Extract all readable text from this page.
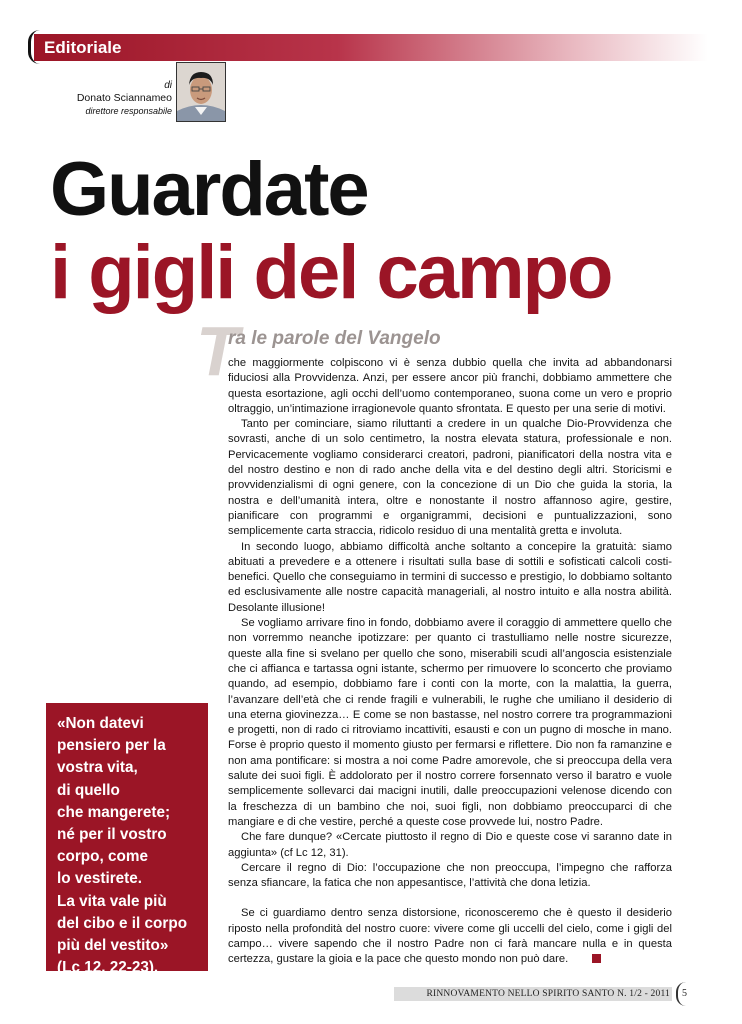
Editoriale
di
Donato Sciannameo
direttore responsabile
Guardate
i gigli del campo
T
ra le parole del Vangelo

che maggiormente colpiscono vi è senza dubbio quella che invita ad abbandonarsi fiduciosi alla Provvidenza. Anzi, per essere ancor più franchi, dobbiamo ammettere che questa esortazione, agli occhi dell’uomo contemporaneo, suona come un vero e proprio oltraggio, un’intimazione irragionevole quanto sfrontata. E questo per una serie di motivi.

Tanto per cominciare, siamo riluttanti a credere in un qualche Dio-Provvidenza che sovrasti, anche di un solo centimetro, la nostra elevata statura, professionale e non. Pervicacemente vogliamo considerarci creatori, padroni, pianificatori della nostra vita e del nostro destino e non di rado anche della vita e del destino degli altri. Storicismi e provvidenzialismi di ogni genere, con la concezione di un Dio che guida la storia, la nostra e dell’umanità intera, oltre e nonostante il nostro affannoso agire, gestire, pianificare con programmi e organigrammi, decisioni e puntualizzazioni, sono semplicemente carta straccia, ridicolo residuo di una mentalità gretta e involuta.

In secondo luogo, abbiamo difficoltà anche soltanto a concepire la gratuità: siamo abituati a prevedere e a ottenere i risultati sulla base di sottili e sofisticati calcoli costi-benefici. Quello che conseguiamo in termini di successo e prestigio, lo dobbiamo soltanto ed esclusivamente alle nostre capacità manageriali, al nostro intuito e alla nostra abilità. Desolante illusione!

Se vogliamo arrivare fino in fondo, dobbiamo avere il coraggio di ammettere quello che non vorremmo neanche ipotizzare: per quanto ci trastulliamo nelle nostre sicurezze, queste alla fine si svelano per quello che sono, miserabili scudi all’angoscia esistenziale che ci affianca e tartassa ogni istante, schermo per rimuovere lo sconcerto che proviamo quando, ad esempio, dobbiamo fare i conti con la morte, con la malattia, la guerra, l’avanzare dell’età che ci rende fragili e vulnerabili, le rughe che umiliano il desiderio di una eterna giovinezza… E come se non bastasse, nel nostro correre tra programmazioni e progetti, non di rado ci ritroviamo incattiviti, esausti e con un pugno di mosche in mano. Forse è proprio questo il momento giusto per fermarsi e riflettere. Dio non fa ramanzine e non ama pontificare: si mostra a noi come Padre amorevole, che si preoccupa della vera salute dei suoi figli. È addolorato per il nostro correre forsennato verso il baratro e vuole semplicemente sollevarci dai macigni inutili, dalle preoccupazioni velenose dicendo con la freschezza di un bambino che noi, suoi figli, non dobbiamo preoccuparci di che mangiare e di che vestire, perché a queste cose provvede lui, nostro Padre.

Che fare dunque? «Cercate piuttosto il regno di Dio e queste cose vi saranno date in aggiunta» (cf Lc 12, 31).

Cercare il regno di Dio: l’occupazione che non preoccupa, l’impegno che rafforza senza sfiancare, la fatica che non appesantisce, l’attività che dona letizia.

Se ci guardiamo dentro senza distorsione, riconosceremo che è questo il desiderio riposto nella profondità del nostro cuore: vivere come gli uccelli del cielo, come i gigli del campo… vivere sapendo che il nostro Padre non ci farà mancare nulla e in questa certezza, gustare la gioia e la pace che questo mondo non può dare.

«Non datevi
pensiero per la
vostra vita,
di quello
che mangerete;
né per il vostro
corpo, come
lo vestirete.
La vita vale più
del cibo e il corpo
più del vestito»
(Lc 12, 22-23).
RINNOVAMENTO NELLO SPIRITO SANTO N. 1/2 - 2011 5
